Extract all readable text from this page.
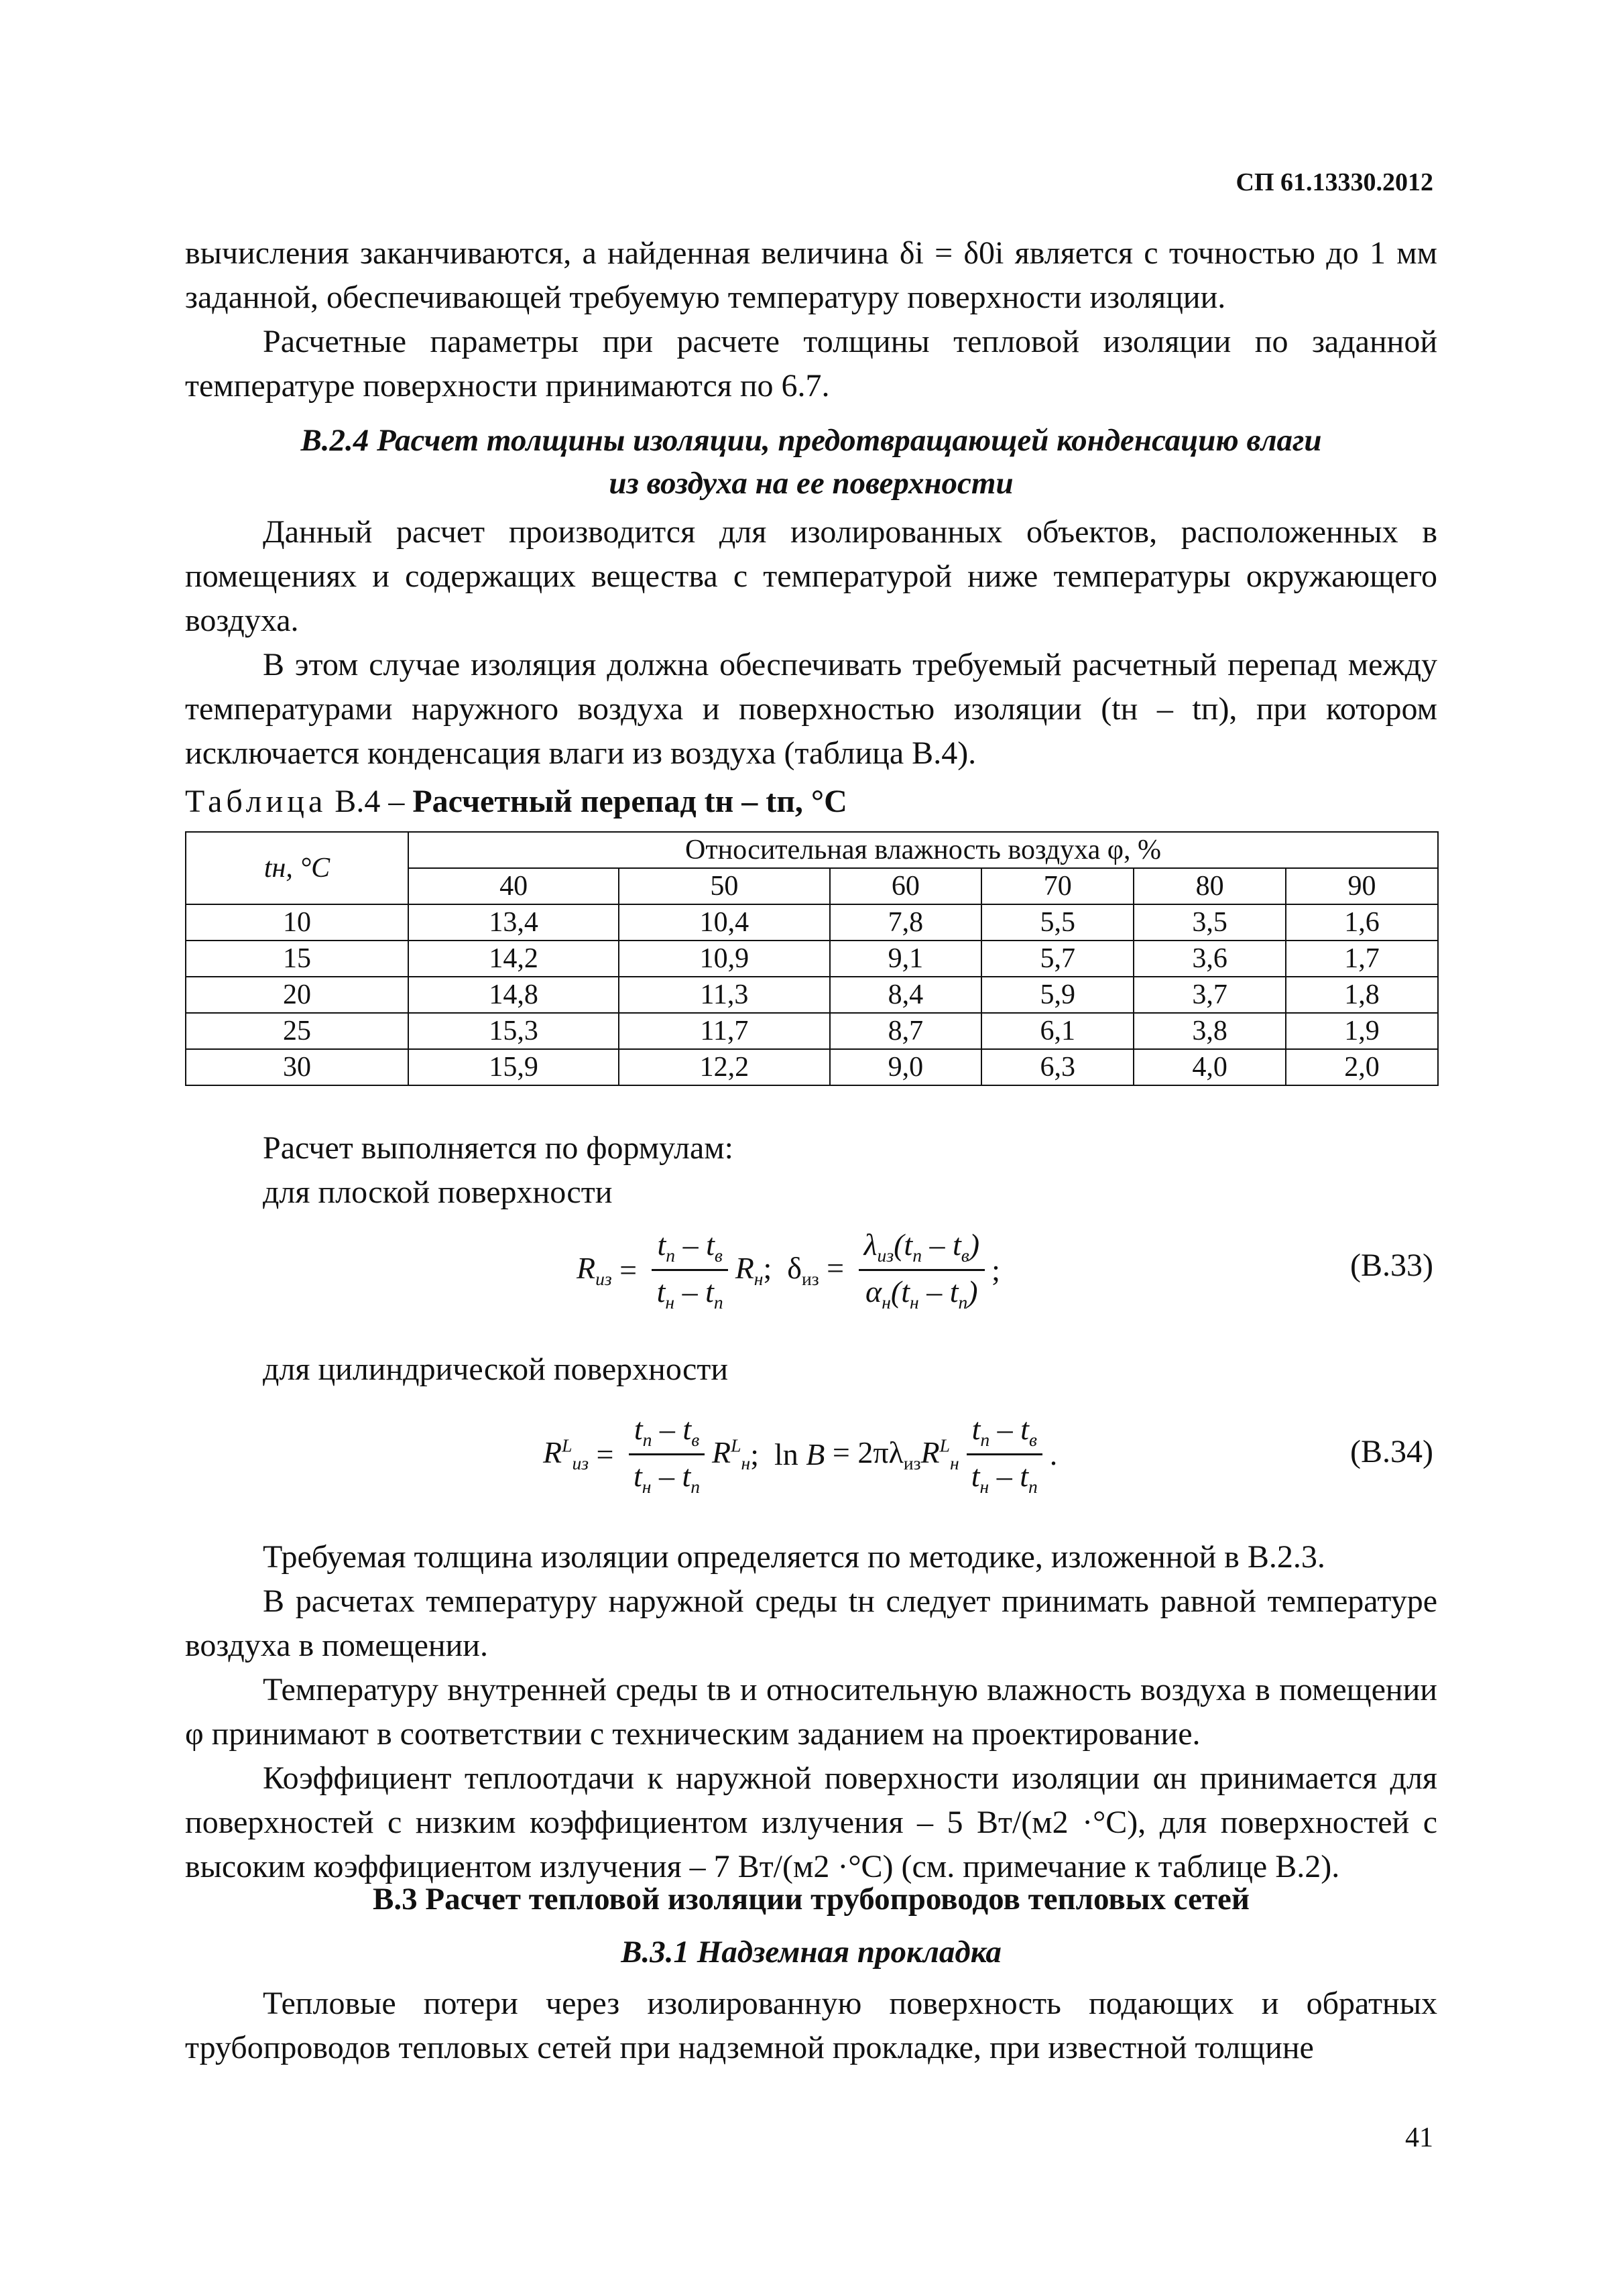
СП 61.13330.2012

вычисления заканчиваются, а найденная величина δi = δ0i является с точностью до 1 мм заданной, обеспечивающей требуемую температуру поверхности изоляции.

Расчетные параметры при расчете толщины тепловой изоляции по заданной температуре поверхности принимаются по 6.7.

В.2.4 Расчет толщины изоляции, предотвращающей конденсацию влаги
из воздуха на ее поверхности

Данный расчет производится для изолированных объектов, расположенных в помещениях и содержащих вещества с температурой ниже температуры окружающего воздуха.

В этом случае изоляция должна обеспечивать требуемый расчетный перепад между температурами наружного воздуха и поверхностью изоляции (tн – tп), при котором исключается конденсация влаги из воздуха (таблица В.4).

Таблица В.4 – Расчетный перепад tн – tп, °С
tн, °С	Относительная влажность воздуха φ, %					
	40	50	60	70	80	90
10	13,4	10,4	7,8	5,5	3,5	1,6
15	14,2	10,9	9,1	5,7	3,6	1,7
20	14,8	11,3	8,4	5,9	3,7	1,8
25	15,3	11,7	8,7	6,1	3,8	1,9
30	15,9	12,2	9,0	6,3	4,0	2,0
Расчет выполняется по формулам:
для плоской поверхности
$R_{из} = \frac{t_п - t_в}{t_н - t_п} R_н$ ;  $\delta_{из} = \frac{\lambda_{из}(t_п - t_в)}{\alpha_н(t_н - t_п)}$ ;	(В.33)
для цилиндрической поверхности
$R^L_{из} = \frac{t_п - t_в}{t_н - t_п} R^L_н$ ;  $\ln B = 2\pi\lambda_{из}$ $R^L_н \frac{t_п - t_в}{t_н - t_п}$ .	(В.34)

Требуемая толщина изоляции определяется по методике, изложенной в В.2.3.

В расчетах температуру наружной среды tн следует принимать равной температуре воздуха в помещении.

Температуру внутренней среды tв и относительную влажность воздуха в помещении φ принимают в соответствии с техническим заданием на проектирование.

Коэффициент теплоотдачи к наружной поверхности изоляции αн принимается для поверхностей с низким коэффициентом излучения – 5 Вт/(м2 ·°С), для поверхностей с высоким коэффициентом излучения – 7 Вт/(м2 ·°С) (см. примечание к таблице В.2).

В.3 Расчет тепловой изоляции трубопроводов тепловых сетей
В.3.1 Надземная прокладка

Тепловые потери через изолированную поверхность подающих и обратных трубопроводов тепловых сетей при надземной прокладке, при известной толщине

41
